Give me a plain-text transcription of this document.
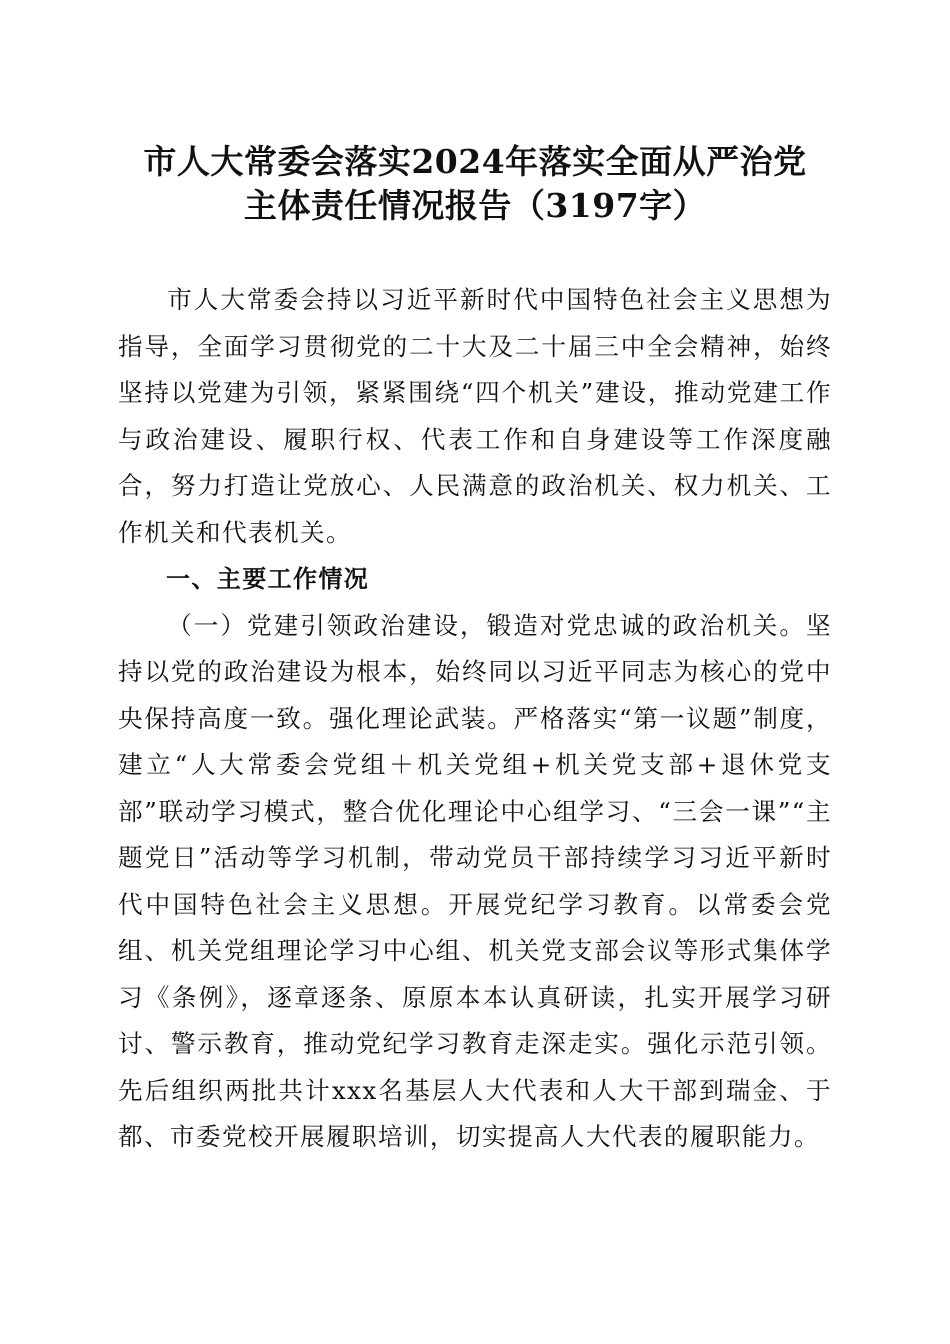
市人大常委会落实2024年落实全面从严治党
主体责任情况报告（3197字）

市人大常委会持以习近平新时代中国特色社会主义思想为指导，全面学习贯彻党的二十大及二十届三中全会精神，始终坚持以党建为引领，紧紧围绕“四个机关”建设，推动党建工作与政治建设、履职行权、代表工作和自身建设等工作深度融合，努力打造让党放心、人民满意的政治机关、权力机关、工作机关和代表机关。

一、主要工作情况

（一）党建引领政治建设，锻造对党忠诚的政治机关。坚持以党的政治建设为根本，始终同以习近平同志为核心的党中央保持高度一致。强化理论武装。严格落实“第一议题”制度，建立“人大常委会党组＋机关党组+机关党支部+退休党支部”联动学习模式，整合优化理论中心组学习、“三会一课”“主题党日”活动等学习机制，带动党员干部持续学习习近平新时代中国特色社会主义思想。开展党纪学习教育。以常委会党组、机关党组理论学习中心组、机关党支部会议等形式集体学习《条例》，逐章逐条、原原本本认真研读，扎实开展学习研讨、警示教育，推动党纪学习教育走深走实。强化示范引领。先后组织两批共计xxx名基层人大代表和人大干部到瑞金、于都、市委党校开展履职培训，切实提高人大代表的履职能力。
